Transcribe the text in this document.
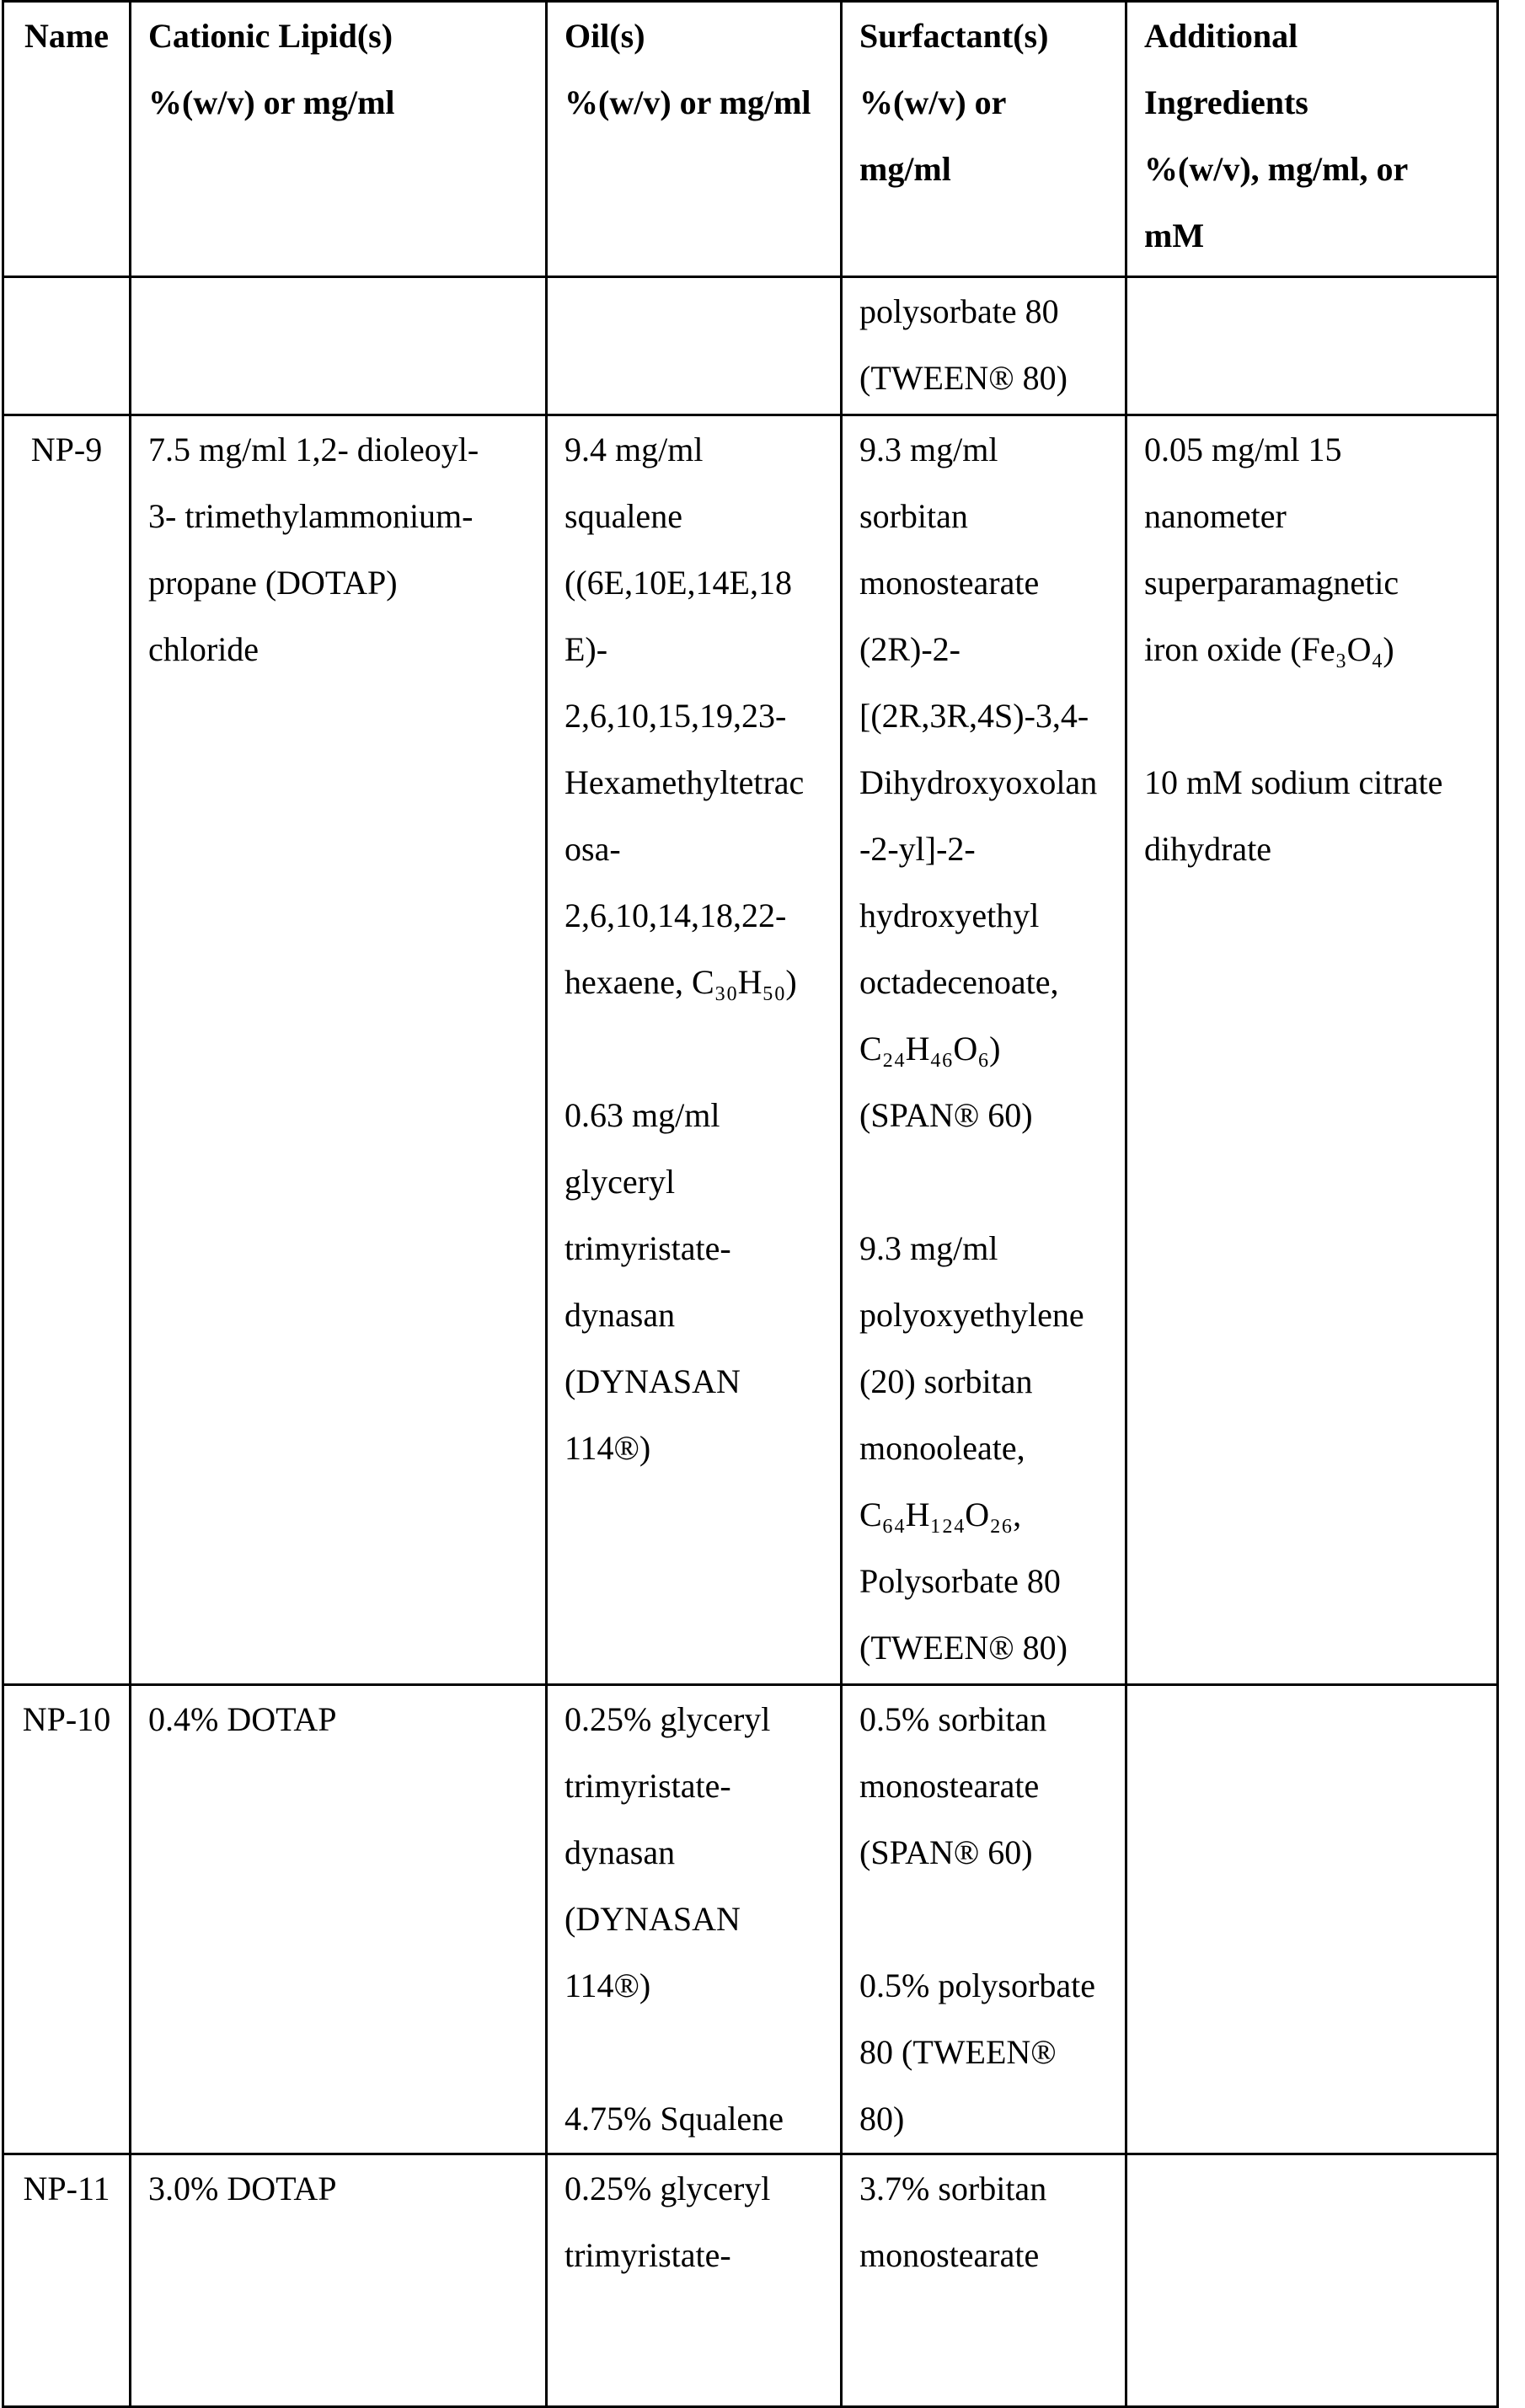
Name	Cationic Lipid(s)
%(w/v) or mg/ml	Oil(s)
%(w/v) or mg/ml	Surfactant(s)
%(w/v) or
mg/ml	Additional
Ingredients
%(w/v), mg/ml, or
mM
			polysorbate 80
(TWEEN® 80)	
NP-9	7.5 mg/ml 1,2- dioleoyl-
3- trimethylammonium-
propane (DOTAP)
chloride	9.4 mg/ml
squalene
((6E,10E,14E,18
E)-
2,6,10,15,19,23-
Hexamethyltetrac
osa-
2,6,10,14,18,22-
hexaene, C₃₀H₅₀)

0.63 mg/ml
glyceryl
trimyristate-
dynasan
(DYNASAN
114®)	9.3 mg/ml
sorbitan
monostearate
(2R)-2-
[(2R,3R,4S)-3,4-
Dihydroxyoxolan
-2-yl]-2-
hydroxyethyl
octadecenoate,
C₂₄H₄₆O₆)
(SPAN® 60)

9.3 mg/ml
polyoxyethylene
(20) sorbitan
monooleate,
C₆₄H₁₂₄O₂₆,
Polysorbate 80
(TWEEN® 80)	0.05 mg/ml 15
nanometer
superparamagnetic
iron oxide (Fe₃O₄)

10 mM sodium citrate
dihydrate
NP-10	0.4% DOTAP	0.25% glyceryl
trimyristate-
dynasan
(DYNASAN
114®)

4.75% Squalene	0.5% sorbitan
monostearate
(SPAN® 60)

0.5% polysorbate
80 (TWEEN®
80)	
NP-11	3.0% DOTAP	0.25% glyceryl
trimyristate-	3.7% sorbitan
monostearate	
